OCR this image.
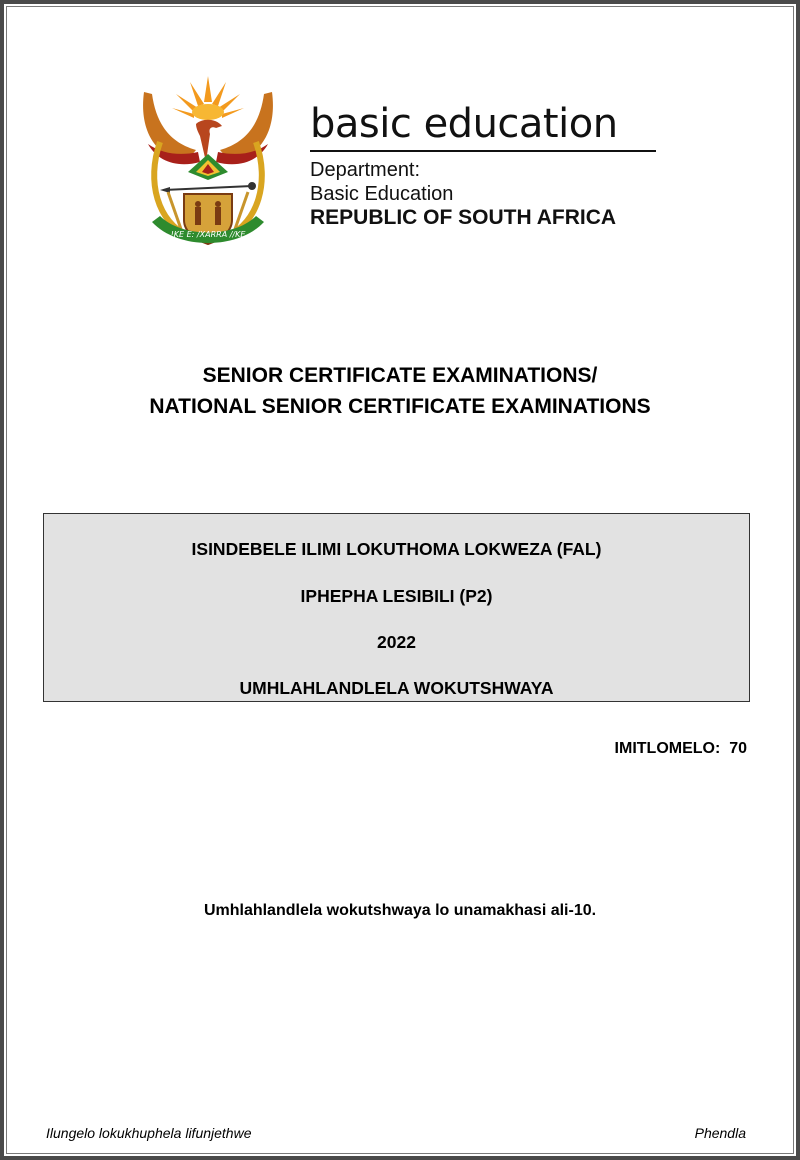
!KE E: /XARRA //KE
basic education
Department:
Basic Education
REPUBLIC OF SOUTH AFRICA
SENIOR CERTIFICATE EXAMINATIONS/
NATIONAL SENIOR CERTIFICATE EXAMINATIONS
ISINDEBELE ILIMI LOKUTHOMA LOKWEZA (FAL)
IPHEPHA LESIBILI (P2)
2022
UMHLAHLANDLELA WOKUTSHWAYA
IMITLOMELO:  70
Umhlahlandlela wokutshwaya lo unamakhasi ali-10.
Ilungelo lokukhuphela lifunjethwe	Phendla
